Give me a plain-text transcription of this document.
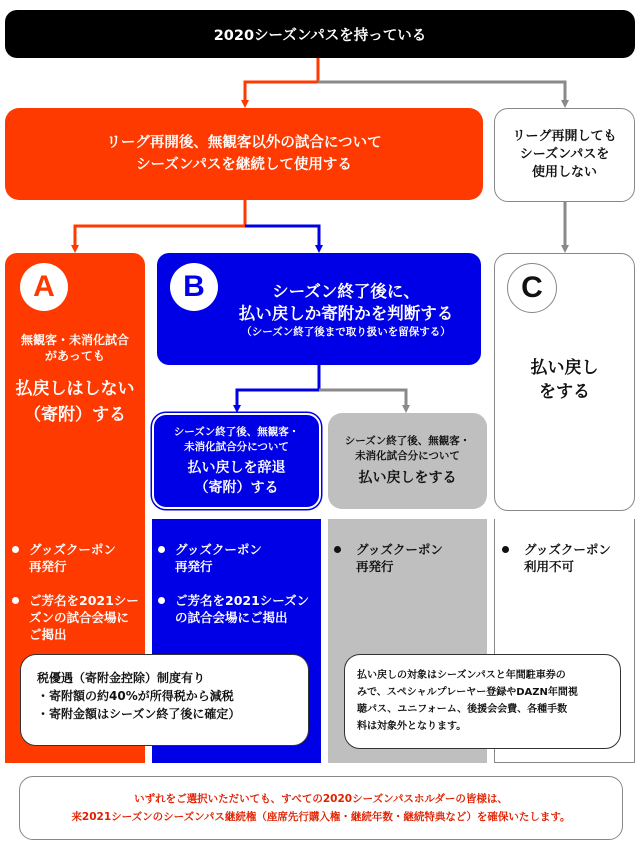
2020シーズンパスを持っている
リーグ再開後、無観客以外の試合について
シーズンパスを継続して使用する
リーグ再開しても
シーズンパスを
使用しない
A
無観客・未消化試合
があっても
払戻しはしない
（寄附）する
B	シーズン終了後に、
払い戻しか寄附かを判断する
（シーズン終了後まで取り扱いを留保する）
C
払い戻し
をする
シーズン終了後、無観客・
未消化試合分について
払い戻しを辞退
（寄附）する
シーズン終了後、無観客・
未消化試合分について
払い戻しをする
グッズクーポン
再発行
ご芳名を2021シー
ズンの試合会場に
ご掲出
グッズクーポン
再発行
ご芳名を2021シーズン
の試合会場にご掲出
グッズクーポン
再発行
グッズクーポン
利用不可
税優遇（寄附金控除）制度有り
・寄附額の約40%が所得税から減税
・寄附金額はシーズン終了後に確定）
払い戻しの対象はシーズンパスと年間駐車券の
みで、スペシャルプレーヤー登録やDAZN年間視
聴パス、ユニフォーム、後援会会費、各種手数
料は対象外となります。
いずれをご選択いただいても、すべての2020シーズンパスホルダーの皆様は、
来2021シーズンのシーズンパス継続権（座席先行購入権・継続年数・継続特典など）を確保いたします。
